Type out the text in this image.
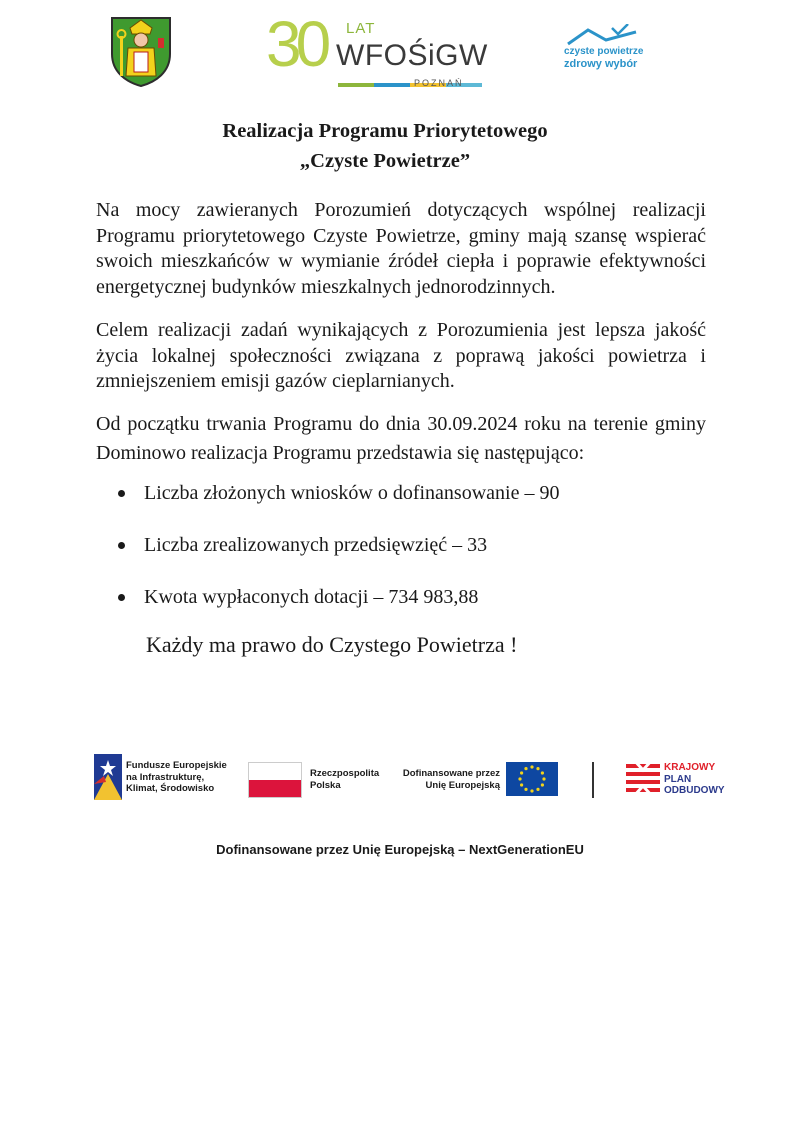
30 LAT
WFOŚiGW
POZNAŃ
czyste powietrze
zdrowy wybór
Realizacja Programu Priorytetowego
„Czyste Powietrze”
Na mocy zawieranych Porozumień dotyczących wspólnej realizacji Programu priorytetowego Czyste Powietrze, gminy mają szansę wspierać swoich mieszkańców w wymianie źródeł ciepła i poprawie efektywności energetycznej budynków mieszkalnych jednorodzinnych.
Celem realizacji zadań wynikających z Porozumienia jest lepsza jakość życia lokalnej społeczności związana z poprawą jakości powietrza i zmniejszeniem emisji gazów cieplarnianych.
Od początku trwania Programu do dnia 30.09.2024 roku na terenie gminy Dominowo realizacja Programu przedstawia się następująco:
Liczba złożonych wniosków o dofinansowanie – 90
Liczba zrealizowanych przedsięwzięć – 33
Kwota wypłaconych dotacji – 734 983,88
Każdy ma prawo do Czystego Powietrza !
Fundusze Europejskie
na Infrastrukturę,
Klimat, Środowisko
Rzeczpospolita
Polska
Dofinansowane przez
Unię Europejską
KRAJOWY
PLAN
ODBUDOWY
Dofinansowane przez Unię Europejską – NextGenerationEU
